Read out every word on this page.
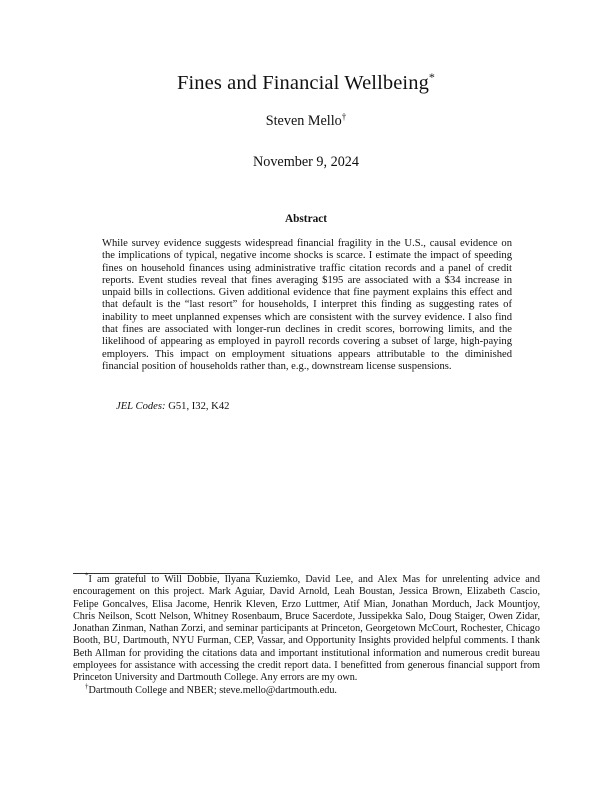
Fines and Financial Wellbeing*
Steven Mello†
November 9, 2024
Abstract
While survey evidence suggests widespread financial fragility in the U.S., causal evidence on the implications of typical, negative income shocks is scarce. I estimate the impact of speeding fines on household finances using administrative traffic citation records and a panel of credit reports. Event studies reveal that fines averaging $195 are associated with a $34 increase in unpaid bills in collections. Given additional evidence that fine payment explains this effect and that default is the “last resort” for households, I interpret this finding as suggesting rates of inability to meet unplanned expenses which are consistent with the survey evidence. I also find that fines are associated with longer-run declines in credit scores, borrowing limits, and the likelihood of appearing as employed in payroll records covering a subset of large, high-paying employers. This impact on employment situations appears attributable to the diminished financial position of households rather than, e.g., downstream license suspensions.
JEL Codes: G51, I32, K42
*I am grateful to Will Dobbie, Ilyana Kuziemko, David Lee, and Alex Mas for unrelenting advice and encouragement on this project. Mark Aguiar, David Arnold, Leah Boustan, Jessica Brown, Elizabeth Cascio, Felipe Goncalves, Elisa Jacome, Henrik Kleven, Erzo Luttmer, Atif Mian, Jonathan Morduch, Jack Mountjoy, Chris Neilson, Scott Nelson, Whitney Rosenbaum, Bruce Sacerdote, Jussipekka Salo, Doug Staiger, Owen Zidar, Jonathan Zinman, Nathan Zorzi, and seminar participants at Princeton, Georgetown McCourt, Rochester, Chicago Booth, BU, Dartmouth, NYU Furman, CEP, Vassar, and Opportunity Insights provided helpful comments. I thank Beth Allman for providing the citations data and important institutional information and numerous credit bureau employees for assistance with accessing the credit report data. I benefitted from generous financial support from Princeton University and Dartmouth College. Any errors are my own.
†Dartmouth College and NBER; steve.mello@dartmouth.edu.
